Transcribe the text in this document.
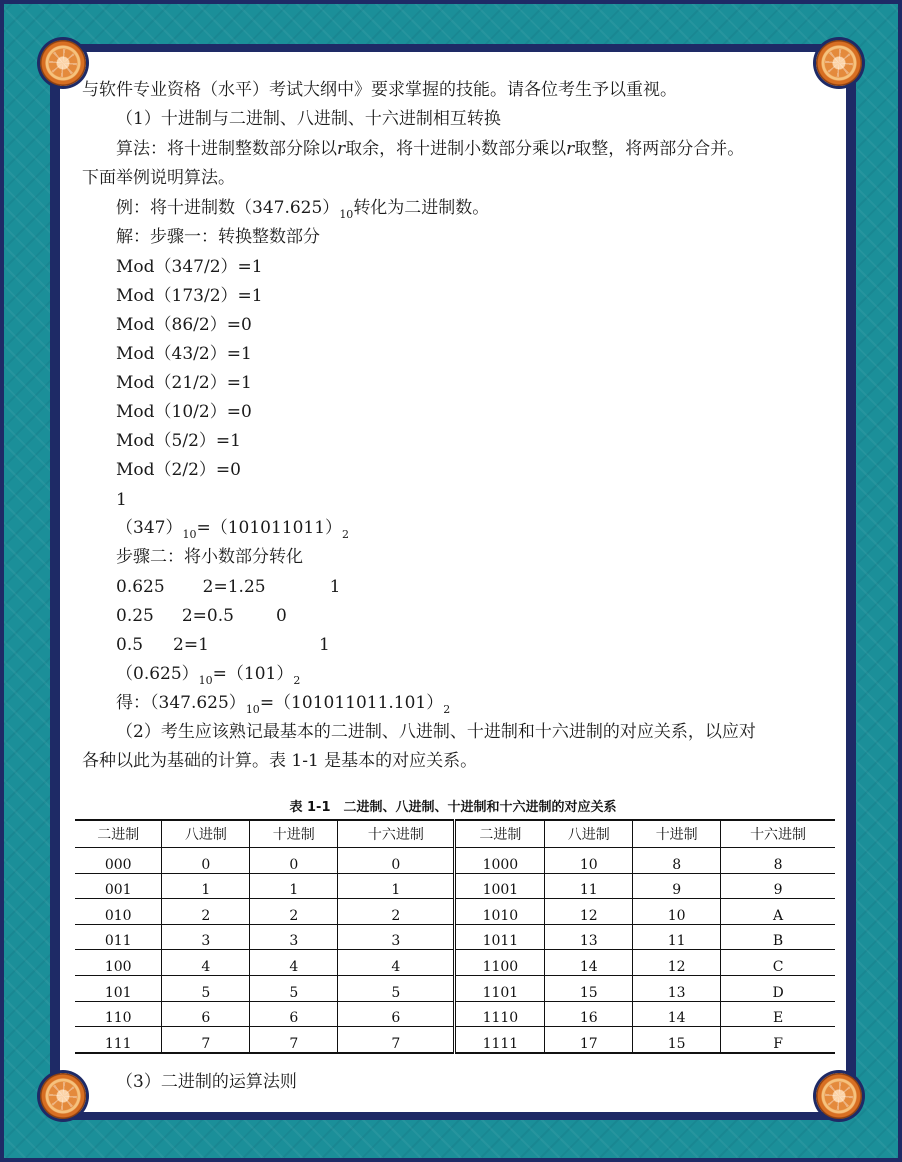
与软件专业资格（水平）考试大纲中》要求掌握的技能。请各位考生予以重视。
（1）十进制与二进制、八进制、十六进制相互转换
算法：将十进制整数部分除以r取余，将十进制小数部分乘以r取整，将两部分合并。
下面举例说明算法。
例：将十进制数$(347.625)_{10}$转化为二进制数。
解：步骤一：转换整数部分
Mod（347/2）=1
Mod（173/2）=1
Mod（86/2）=0
Mod（43/2）=1
Mod（21/2）=1
Mod（10/2）=0
Mod（5/2）=1
Mod（2/2）=0
1
$(347)_{10}=(101011011)_2$
步骤二：将小数部分转化
0.625 2=1.25	1
0.25 2=0.5 0
0.5 2=1	1
$(0.625)_{10}=(101)_2$
得：$(347.625)_{10}=(101011011.101)_2$
（2）考生应该熟记最基本的二进制、八进制、十进制和十六进制的对应关系，以应对
各种以此为基础的计算。表 1-1 是基本的对应关系。
表 1-1　二进制、八进制、十进制和十六进制的对应关系
二进制	八进制	十进制	十六进制	二进制	八进制	十进制	十六进制
000	0	0	0	1000	10	8	8
001	1	1	1	1001	11	9	9
010	2	2	2	1010	12	10	A
011	3	3	3	1011	13	11	B
100	4	4	4	1100	14	12	C
101	5	5	5	1101	15	13	D
110	6	6	6	1110	16	14	E
111	7	7	7	1111	17	15	F
（3）二进制的运算法则
